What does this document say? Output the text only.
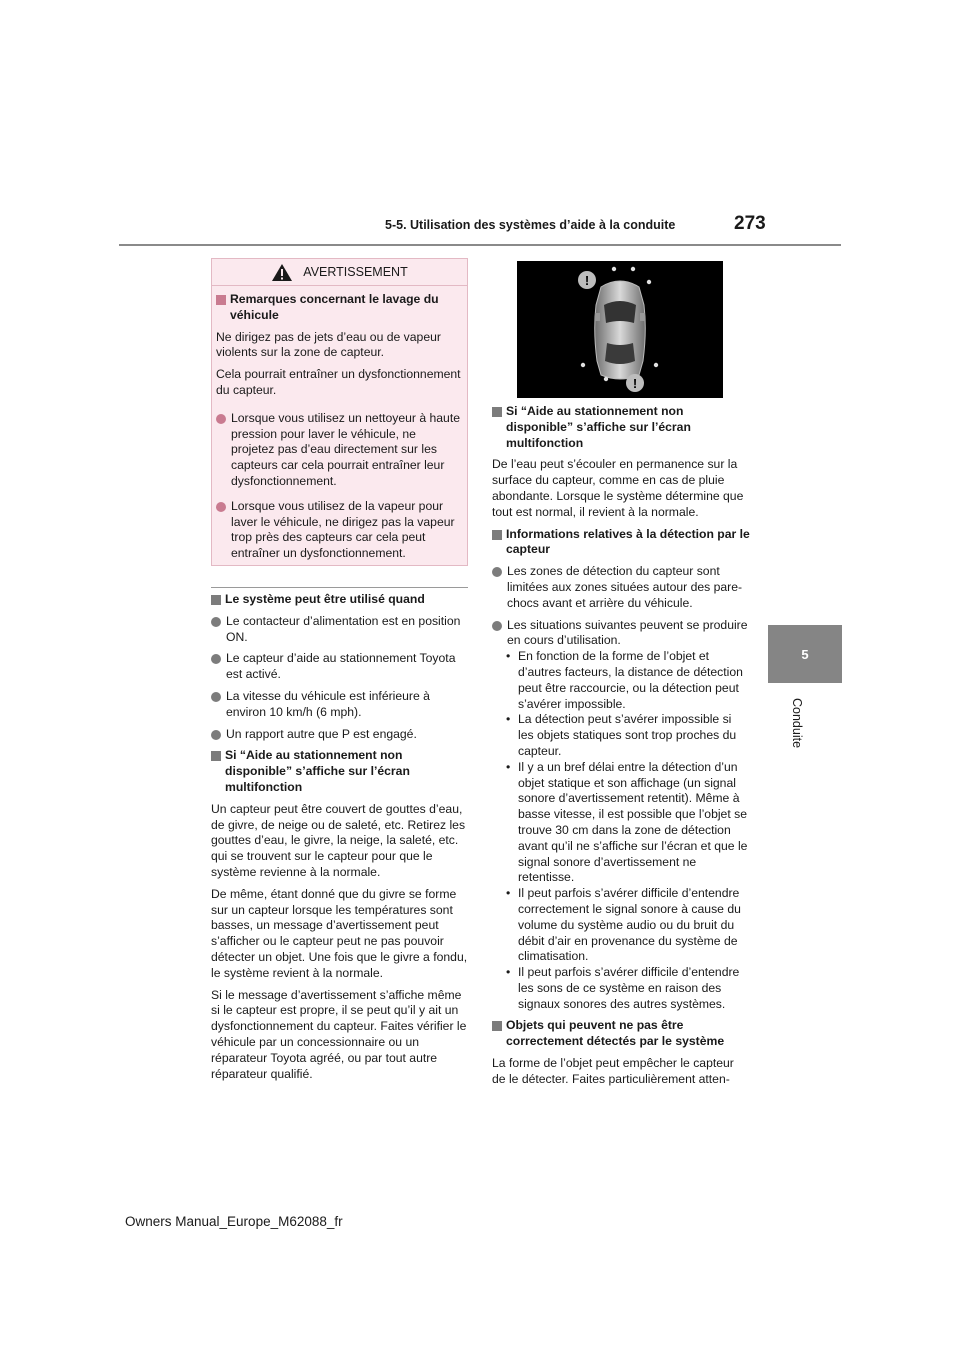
5-5. Utilisation des systèmes d’aide à la conduite	273
5
Conduite
AVERTISSEMENT
Remarques concernant le lavage du véhicule

Ne dirigez pas de jets d’eau ou de vapeur violents sur la zone de capteur.

Cela pourrait entraîner un dysfonctionnement du capteur.

Lorsque vous utilisez un nettoyeur à haute pression pour laver le véhicule, ne projetez pas d’eau directement sur les capteurs car cela pourrait entraîner leur dysfonctionnement.
Lorsque vous utilisez de la vapeur pour laver le véhicule, ne dirigez pas la vapeur trop près des capteurs car cela peut entraîner un dysfonctionnement.
Le système peut être utilisé quand
Le contacteur d’alimentation est en position ON.
Le capteur d’aide au stationnement Toyota est activé.
La vitesse du véhicule est inférieure à environ 10 km/h (6 mph).
Un rapport autre que P est engagé.
Si “Aide au stationnement non disponible” s’affiche sur l’écran multifonction

Un capteur peut être couvert de gouttes d’eau, de givre, de neige ou de saleté, etc. Retirez les gouttes d’eau, le givre, la neige, la saleté, etc. qui se trouvent sur le capteur pour que le système revienne à la normale.

De même, étant donné que du givre se forme sur un capteur lorsque les températures sont basses, un message d’avertissement peut s’afficher ou le capteur peut ne pas pouvoir détecter un objet. Une fois que le givre a fondu, le système revient à la normale.

Si le message d’avertissement s’affiche même si le capteur est propre, il se peut qu’il y ait un dysfonctionnement du capteur. Faites vérifier le véhicule par un concessionnaire ou un réparateur Toyota agréé, ou par tout autre réparateur qualifié.

!
!
Si “Aide au stationnement non disponible” s’affiche sur l’écran multifonction

De l’eau peut s’écouler en permanence sur la surface du capteur, comme en cas de pluie abondante. Lorsque le système détermine que tout est normal, il revient à la normale.

Informations relatives à la détection par le capteur
Les zones de détection du capteur sont limitées aux zones situées autour des pare-chocs avant et arrière du véhicule.
Les situations suivantes peuvent se produire en cours d’utilisation.
• En fonction de la forme de l’objet et d’autres facteurs, la distance de détection peut être raccourcie, ou la détection peut s’avérer impossible.
• La détection peut s’avérer impossible si les objets statiques sont trop proches du capteur.
• Il y a un bref délai entre la détection d’un objet statique et son affichage (un signal sonore d’avertissement retentit). Même à basse vitesse, il est possible que l’objet se trouve 30 cm dans la zone de détection avant qu’il ne s’affiche sur l’écran et que le signal sonore d’avertissement ne retentisse.
• Il peut parfois s’avérer difficile d’entendre correctement le signal sonore à cause du volume du système audio ou du bruit du débit d’air en provenance du système de climatisation.
• Il peut parfois s’avérer difficile d’entendre les sons de ce système en raison des signaux sonores des autres systèmes.
Objets qui peuvent ne pas être correctement détectés par le système

La forme de l’objet peut empêcher le capteur de le détecter. Faites particulièrement atten-

Owners Manual_Europe_M62088_fr
